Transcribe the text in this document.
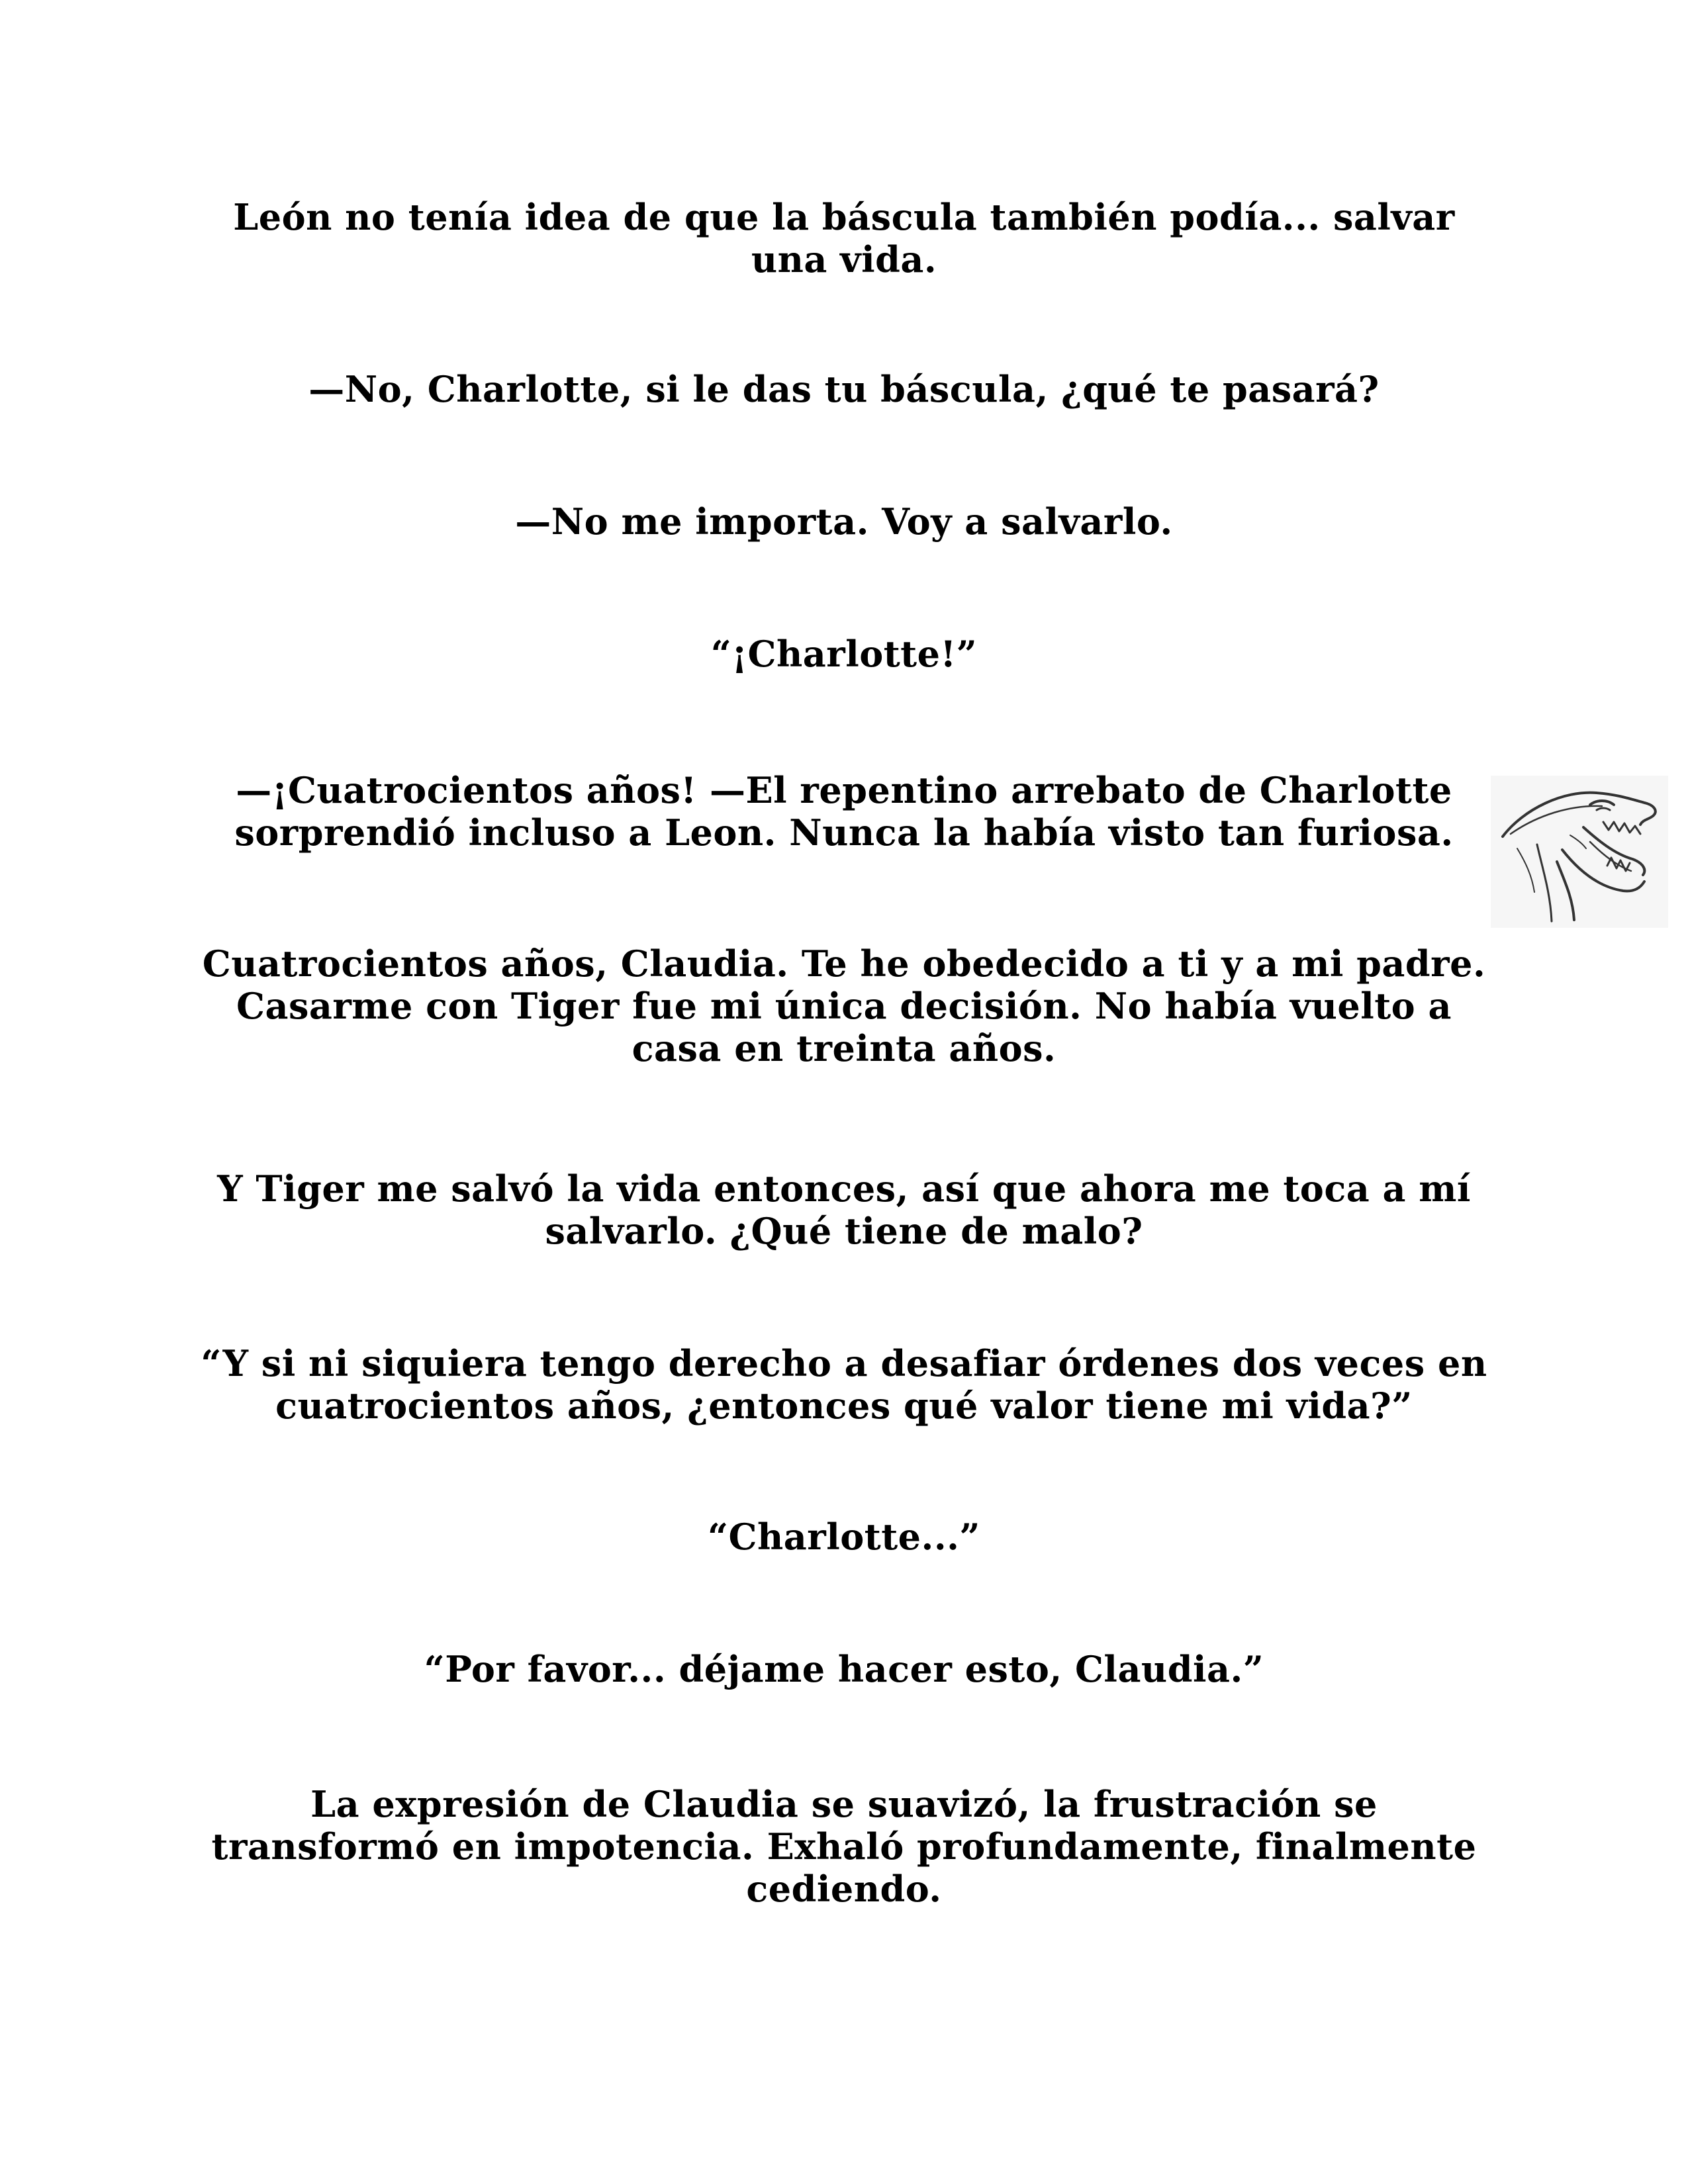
León no tenía idea de que la báscula también podía... salvar una vida.

—No, Charlotte, si le das tu báscula, ¿qué te pasará?

—No me importa. Voy a salvarlo.

“¡Charlotte!”

—¡Cuatrocientos años! —El repentino arrebato de Charlotte sorprendió incluso a Leon. Nunca la había visto tan furiosa.

Cuatrocientos años, Claudia. Te he obedecido a ti y a mi padre. Casarme con Tiger fue mi única decisión. No había vuelto a casa en treinta años.

Y Tiger me salvó la vida entonces, así que ahora me toca a mí salvarlo. ¿Qué tiene de malo?

“Y si ni siquiera tengo derecho a desafiar órdenes dos veces en cuatrocientos años, ¿entonces qué valor tiene mi vida?”

“Charlotte...”

“Por favor... déjame hacer esto, Claudia.”

La expresión de Claudia se suavizó, la frustración se transformó en impotencia. Exhaló profundamente, finalmente cediendo.
